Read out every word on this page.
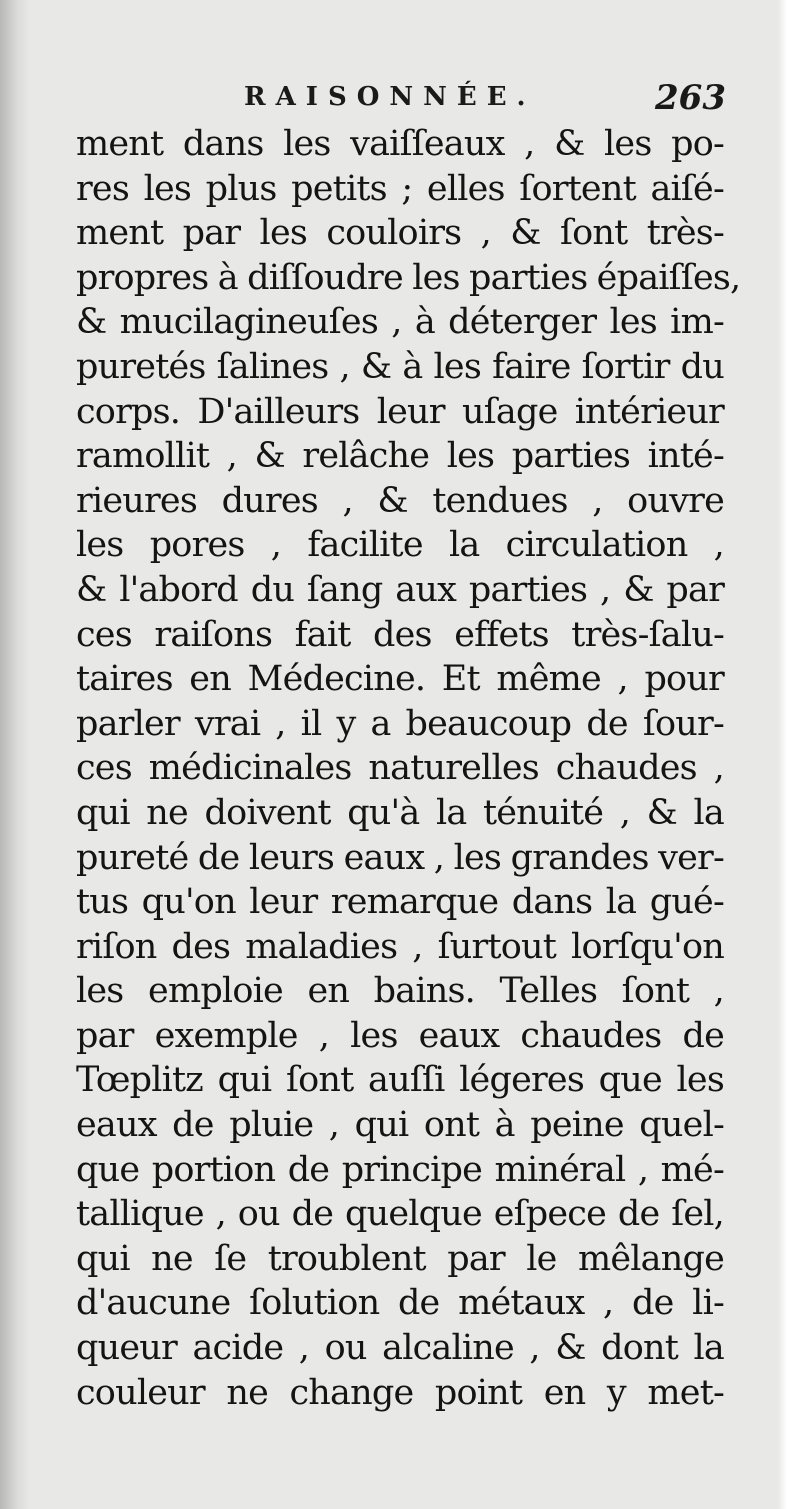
RAISONNÉE.	263
ment dans les vaiſſeaux , & les po-
res les plus petits ; elles ſortent aiſé-
ment par les couloirs , & ſont très-
propres à diſſoudre les parties épaiſſes,
& mucilagineuſes , à déterger les im-
puretés ſalines , & à les faire ſortir du
corps. D'ailleurs leur uſage intérieur
ramollit , & relâche les parties inté-
rieures dures , & tendues , ouvre
les pores , facilite la circulation ,
& l'abord du ſang aux parties , & par
ces raiſons fait des effets très-ſalu-
taires en Médecine. Et même , pour
parler vrai , il y a beaucoup de ſour-
ces médicinales naturelles chaudes ,
qui ne doivent qu'à la ténuité , & la
pureté de leurs eaux , les grandes ver-
tus qu'on leur remarque dans la gué-
riſon des maladies , ſurtout lorſqu'on
les emploie en bains. Telles ſont ,
par exemple , les eaux chaudes de
Tœplitz qui ſont auſſi légeres que les
eaux de pluie , qui ont à peine quel-
que portion de principe minéral , mé-
tallique , ou de quelque eſpece de ſel,
qui ne ſe troublent par le mêlange
d'aucune ſolution de métaux , de li-
queur acide , ou alcaline , & dont la
couleur ne change point en y met-
